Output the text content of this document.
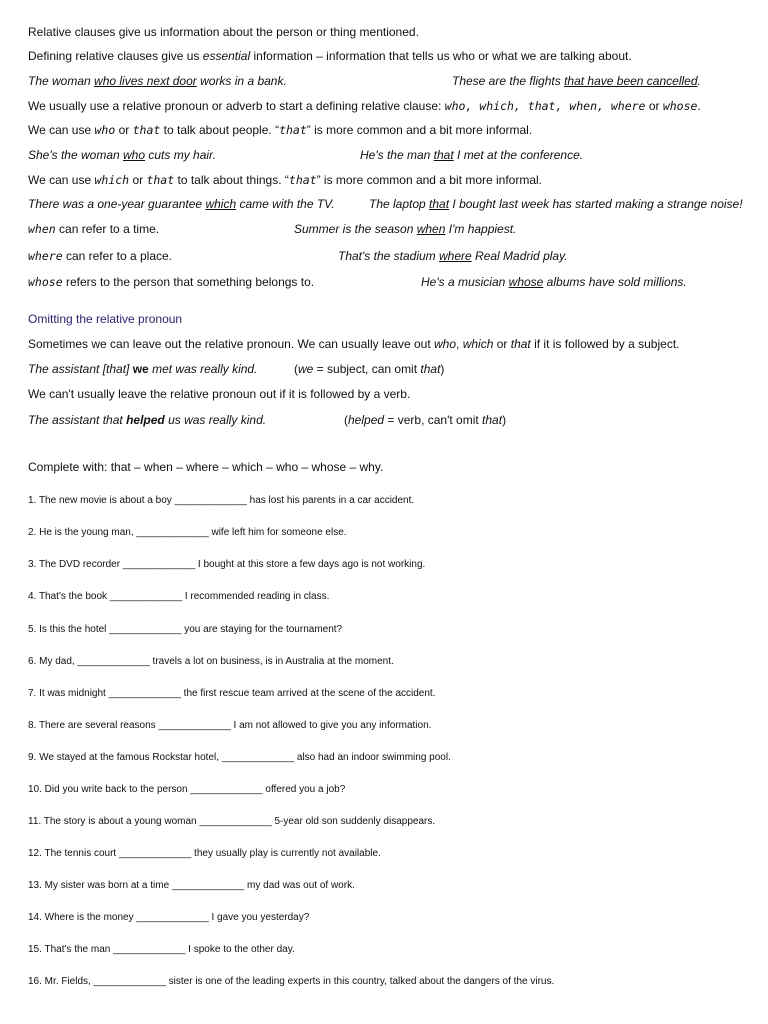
Relative clauses give us information about the person or thing mentioned.
Defining relative clauses give us essential information – information that tells us who or what we are talking about.
The woman who lives next door works in a bank.	These are the flights that have been cancelled.
We usually use a relative pronoun or adverb to start a defining relative clause: who, which, that, when, where or whose.
We can use who or that to talk about people. “that” is more common and a bit more informal.
She's the woman who cuts my hair.	He's the man that I met at the conference.
We can use which or that to talk about things. “that” is more common and a bit more informal.
There was a one-year guarantee which came with the TV.	The laptop that I bought last week has started making a strange noise!
when can refer to a time.	Summer is the season when I'm happiest.
where can refer to a place.	That's the stadium where Real Madrid play.
whose refers to the person that something belongs to.	He's a musician whose albums have sold millions.
Omitting the relative pronoun
Sometimes we can leave out the relative pronoun. We can usually leave out who, which or that if it is followed by a subject.
The assistant [that] we met was really kind.	(we = subject, can omit that)
We can't usually leave the relative pronoun out if it is followed by a verb.
The assistant that helped us was really kind.	(helped = verb, can't omit that)
Complete with: that – when – where – which – who – whose – why.
1. The new movie is about a boy _____________ has lost his parents in a car accident.
2. He is the young man, _____________ wife left him for someone else.
3. The DVD recorder _____________ I bought at this store a few days ago is not working.
4. That's the book _____________ I recommended reading in class.
5. Is this the hotel _____________ you are staying for the tournament?
6. My dad, _____________ travels a lot on business, is in Australia at the moment.
7. It was midnight _____________ the first rescue team arrived at the scene of the accident.
8. There are several reasons _____________ I am not allowed to give you any information.
9. We stayed at the famous Rockstar hotel, _____________ also had an indoor swimming pool.
10. Did you write back to the person _____________ offered you a job?
11. The story is about a young woman _____________ 5-year old son suddenly disappears.
12. The tennis court _____________ they usually play is currently not available.
13. My sister was born at a time _____________ my dad was out of work.
14. Where is the money _____________ I gave you yesterday?
15. That's the man _____________ I spoke to the other day.
16. Mr. Fields, _____________ sister is one of the leading experts in this country, talked about the dangers of the virus.
